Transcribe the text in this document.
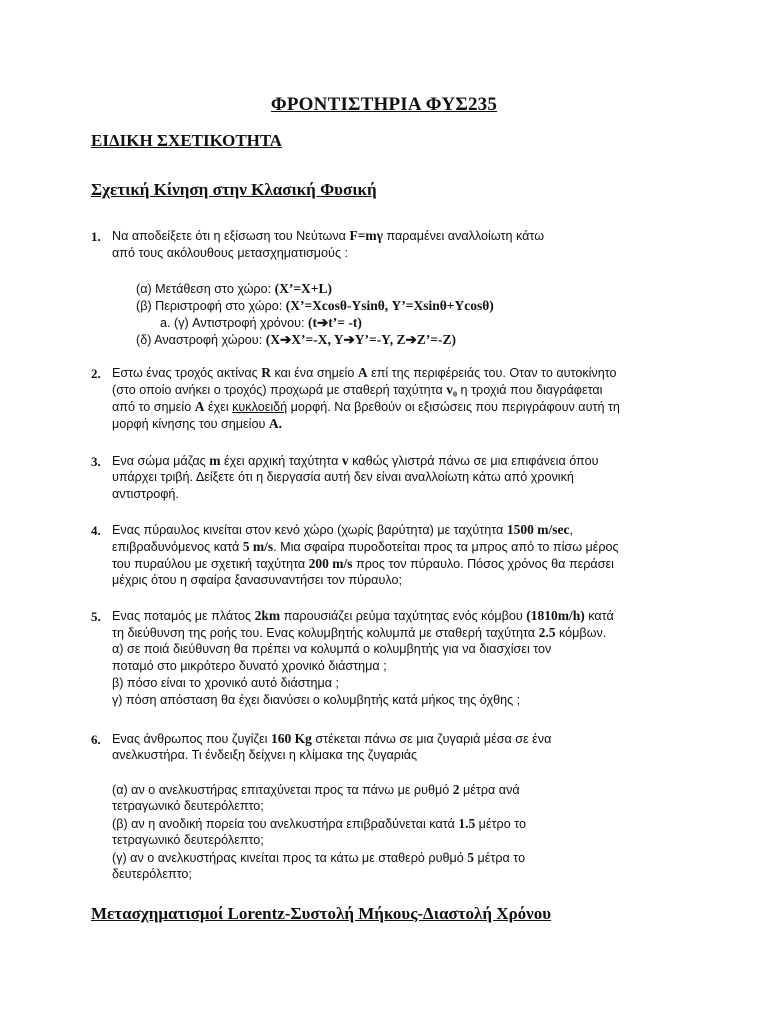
ΦΡΟΝΤΙΣΤΗΡΙΑ ΦΥΣ235
ΕΙΔΙΚΗ ΣΧΕΤΙΚΟΤΗΤΑ
Σχετική Κίνηση στην Κλασική Φυσική
1. Να αποδείξετε ότι η εξίσωση του Νεύτωνα F=mγ παραμένει αναλλοίωτη κάτω
από τους ακόλουθους μετασχηματισμούς :
(α) Μετάθεση στο χώρο: (X’=X+L)
(β) Περιστροφή στο χώρο: (X’=Xcosθ-Ysinθ, Y’=Xsinθ+Ycosθ)
a. (γ) Αντιστροφή χρόνου: (t➔t’= -t)
(δ) Αναστροφή χώρου: (X➔X’=-X, Y➔Y’=-Y, Z➔Z’=-Z)
2. Εστω ένας τροχός ακτίνας R και ένα σημείο A επί της περιφέρειάς του. Οταν το αυτοκίνητο
(στο οποίο ανήκει ο τροχός) προχωρά με σταθερή ταχύτητα v₀ η τροχιά που διαγράφεται
από το σημείο A έχει κυκλοειδή μορφή. Να βρεθούν οι εξισώσεις που περιγράφουν αυτή τη
μορφή κίνησης του σημείου A.
3. Ενα σώμα μάζας m έχει αρχική ταχύτητα v καθώς γλιστρά πάνω σε μια επιφάνεια όπου
υπάρχει τριβή. Δείξετε ότι η διεργασία αυτή δεν είναι αναλλοίωτη κάτω από χρονική
αντιστροφή.
4. Ενας πύραυλος κινείται στον κενό χώρο (χωρίς βαρύτητα) με ταχύτητα 1500 m/sec,
επιβραδυνόμενος κατά 5 m/s. Μια σφαίρα πυροδοτείται προς τα μπρος από το πίσω μέρος
του πυραύλου με σχετική ταχύτητα 200 m/s προς τον πύραυλο. Πόσος χρόνος θα περάσει
μέχρις ότου η σφαίρα ξανασυναντήσει τον πύραυλο;
5. Ενας ποταμός με πλάτος 2km παρουσιάζει ρεύμα ταχύτητας ενός κόμβου (1810m/h) κατά
τη διεύθυνση της ροής του. Ενας κολυμβητής κολυμπά με σταθερή ταχύτητα 2.5 κόμβων.
α) σε ποιά διεύθυνση θα πρέπει να κολυμπά ο κολυμβητής για να διασχίσει τον
ποταμό στο μικρότερο δυνατό χρονικό διάστημα ;
β) πόσο είναι το χρονικό αυτό διάστημα ;
γ) πόση απόσταση θα έχει διανύσει ο κολυμβητής κατά μήκος της όχθης ;
6. Ενας άνθρωπος που ζυγίζει 160 Kg στέκεται πάνω σε μια ζυγαριά μέσα σε ένα
ανελκυστήρα. Τι ένδειξη δείχνει η κλίμακα της ζυγαριάς
(α) αν ο ανελκυστήρας επιταχύνεται προς τα πάνω με ρυθμό 2 μέτρα ανά
τετραγωνικό δευτερόλεπτο;
(β) αν η ανοδική πορεία του ανελκυστήρα επιβραδύνεται κατά 1.5 μέτρο το
τετραγωνικό δευτερόλεπτο;
(γ) αν ο ανελκυστήρας κινείται προς τα κάτω με σταθερό ρυθμό 5 μέτρα το
δευτερόλεπτο;
Μετασχηματισμοί Lorentz-Συστολή Μήκους-Διαστολή Χρόνου
